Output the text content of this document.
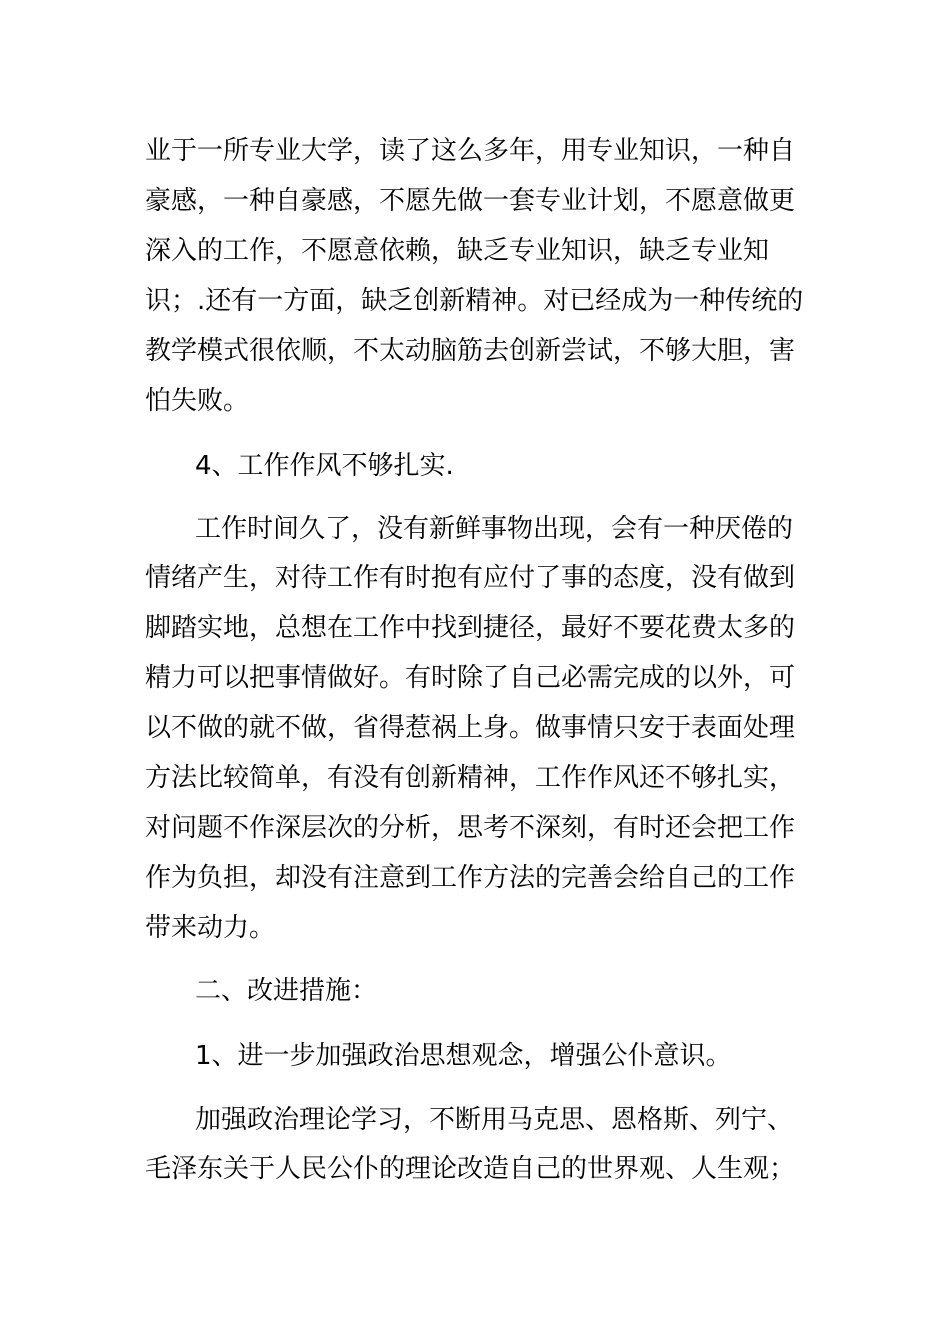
业于一所专业大学，读了这么多年，用专业知识，一种自
豪感，一种自豪感，不愿先做一套专业计划，不愿意做更
深入的工作，不愿意依赖，缺乏专业知识，缺乏专业知
识；.还有一方面，缺乏创新精神。对已经成为一种传统的
教学模式很依顺，不太动脑筋去创新尝试，不够大胆，害
怕失败。
4、工作作风不够扎实.
工作时间久了，没有新鲜事物出现，会有一种厌倦的
情绪产生，对待工作有时抱有应付了事的态度，没有做到
脚踏实地，总想在工作中找到捷径，最好不要花费太多的
精力可以把事情做好。有时除了自己必需完成的以外，可
以不做的就不做，省得惹祸上身。做事情只安于表面处理
方法比较简单，有没有创新精神，工作作风还不够扎实，
对问题不作深层次的分析，思考不深刻，有时还会把工作
作为负担，却没有注意到工作方法的完善会给自己的工作
带来动力。
二、改进措施：
1、进一步加强政治思想观念，增强公仆意识。
加强政治理论学习，不断用马克思、恩格斯、列宁、
毛泽东关于人民公仆的理论改造自己的世界观、人生观；
